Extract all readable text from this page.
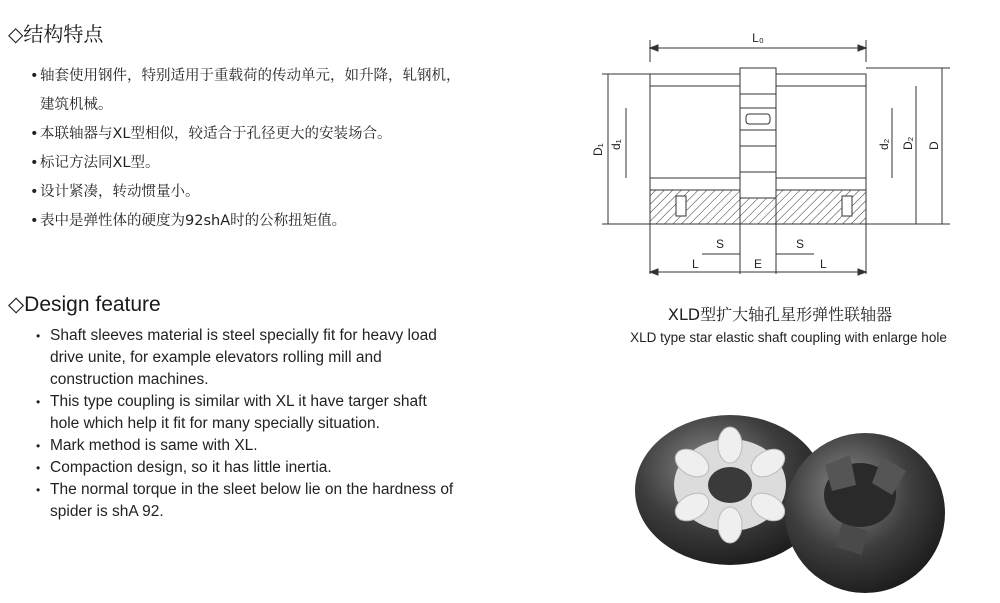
◇结构特点
• 轴套使用钢件，特别适用于重载荷的传动单元，如升降，轧钢机，建筑机械。
• 本联轴器与XL型相似，较适合于孔径更大的安装场合。
• 标记方法同XL型。
• 设计紧凑，转动惯量小。
• 表中是弹性体的硬度为92shA时的公称扭矩值。
◇Design feature
• Shaft sleeves material is steel specially fit for heavy load drive unite, for example elevators rolling mill and construction machines.
• This type coupling is similar with XL it have targer shaft hole which help it fit for many specially situation.
• Mark method is same with XL.
• Compaction design, so it has little inertia.
• The normal torque in the sleet below lie on the hardness of spider is shA 92.
L₀
D₁ d₁	d₂ D₂ D
S	S
L	E	L
XLD型扩大轴孔星形弹性联轴器
XLD type star elastic shaft coupling with enlarge hole
